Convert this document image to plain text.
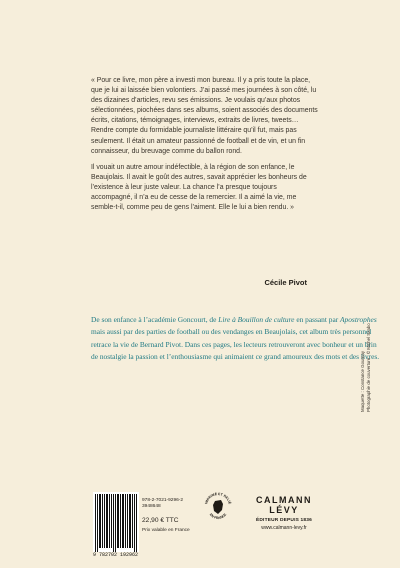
« Pour ce livre, mon père a investi mon bureau. Il y a pris toute la place, que je lui ai laissée bien volontiers. J’ai passé mes journées à son côté, lu des dizaines d’articles, revu ses émissions. Je voulais qu’aux photos sélectionnées, piochées dans ses albums, soient associés des documents écrits, citations, témoignages, interviews, extraits de livres, tweets… Rendre compte du formidable journaliste littéraire qu’il fut, mais pas seulement. Il était un amateur passionné de football et de vin, et un fin connaisseur, du breuvage comme du ballon rond.

Il vouait un autre amour indéfectible, à la région de son enfance, le Beaujolais. Il avait le goût des autres, savait apprécier les bonheurs de l’existence à leur juste valeur. La chance l’a presque toujours accompagné, il n’a eu de cesse de la remercier. Il a aimé la vie, me semble-t-il, comme peu de gens l’aiment. Elle le lui a bien rendu. »

Cécile Pivot

De son enfance à l’académie Goncourt, de Lire à Bouillon de culture en passant par Apostrophes mais aussi par des parties de football ou des vendanges en Beaujolais, cet album très personnel retrace la vie de Bernard Pivot. Dans ces pages, les lecteurs retrouveront avec bonheur et un brin de nostalgie la passion et l’enthousiasme qui animaient ce grand amoureux des mots et des livres.

Maquette : Constance Gournay Photographie de couverture : © Michel Szabo
9 782702 192962
978-2-7021-9296-2
3948648
22,90 € TTC
Prix valable en France
IMPRIMÉ ET RELIÉ
EN FRANCE
CALMANN
LÉVY
ÉDITEUR DEPUIS 1836
www.calmann-levy.fr
